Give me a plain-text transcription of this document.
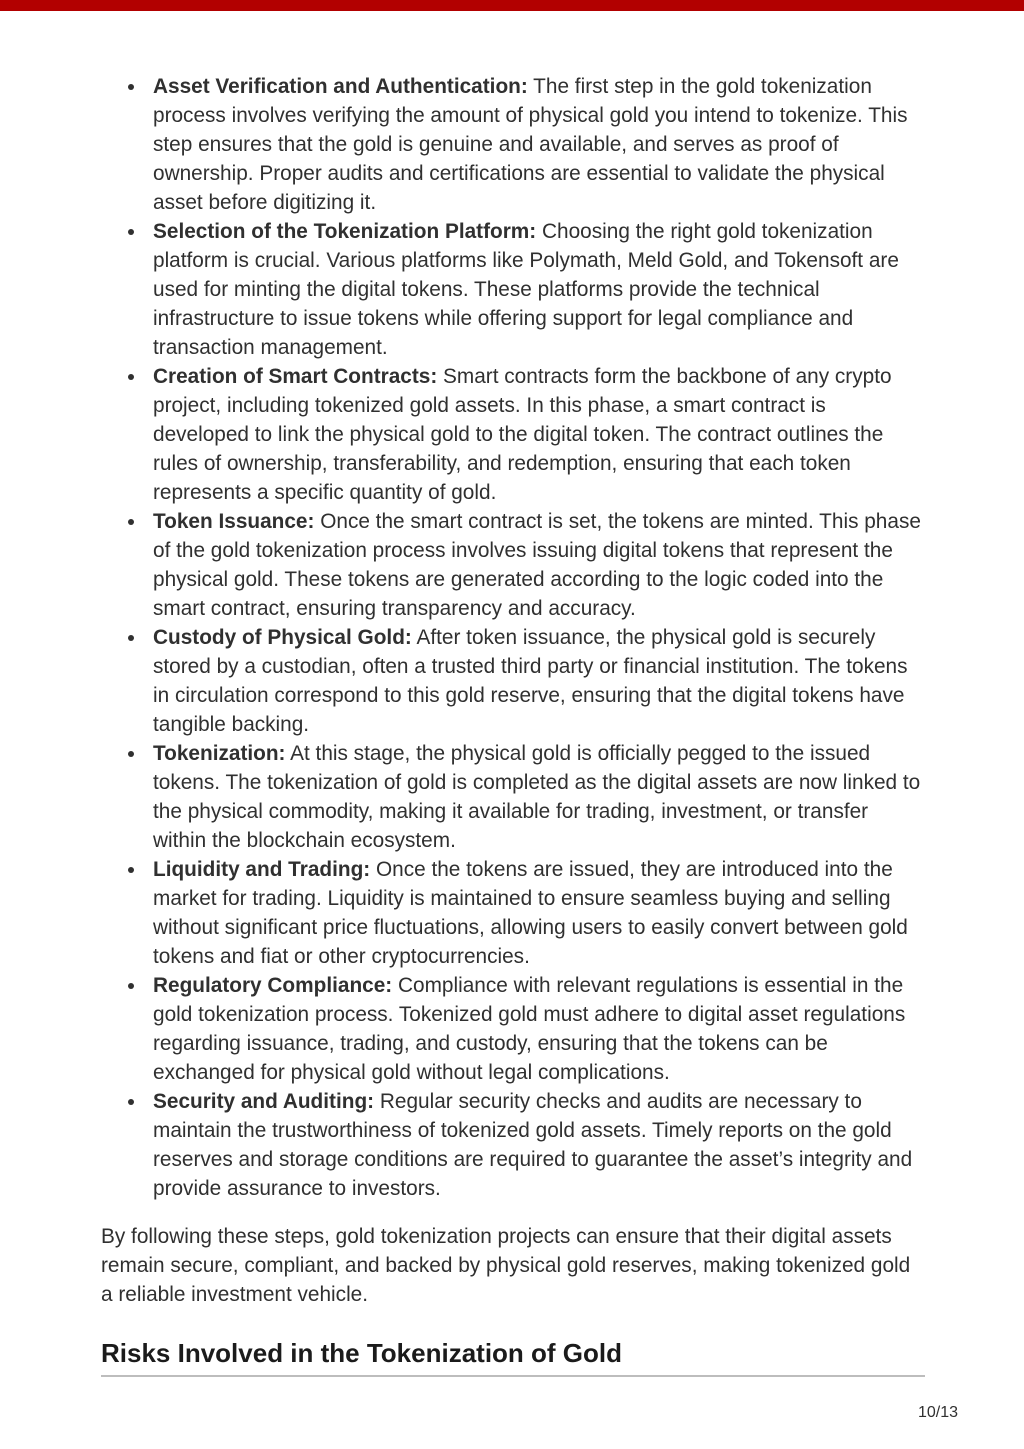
Asset Verification and Authentication: The first step in the gold tokenization process involves verifying the amount of physical gold you intend to tokenize. This step ensures that the gold is genuine and available, and serves as proof of ownership. Proper audits and certifications are essential to validate the physical asset before digitizing it.
Selection of the Tokenization Platform: Choosing the right gold tokenization platform is crucial. Various platforms like Polymath, Meld Gold, and Tokensoft are used for minting the digital tokens. These platforms provide the technical infrastructure to issue tokens while offering support for legal compliance and transaction management.
Creation of Smart Contracts: Smart contracts form the backbone of any crypto project, including tokenized gold assets. In this phase, a smart contract is developed to link the physical gold to the digital token. The contract outlines the rules of ownership, transferability, and redemption, ensuring that each token represents a specific quantity of gold.
Token Issuance: Once the smart contract is set, the tokens are minted. This phase of the gold tokenization process involves issuing digital tokens that represent the physical gold. These tokens are generated according to the logic coded into the smart contract, ensuring transparency and accuracy.
Custody of Physical Gold: After token issuance, the physical gold is securely stored by a custodian, often a trusted third party or financial institution. The tokens in circulation correspond to this gold reserve, ensuring that the digital tokens have tangible backing.
Tokenization: At this stage, the physical gold is officially pegged to the issued tokens. The tokenization of gold is completed as the digital assets are now linked to the physical commodity, making it available for trading, investment, or transfer within the blockchain ecosystem.
Liquidity and Trading: Once the tokens are issued, they are introduced into the market for trading. Liquidity is maintained to ensure seamless buying and selling without significant price fluctuations, allowing users to easily convert between gold tokens and fiat or other cryptocurrencies.
Regulatory Compliance: Compliance with relevant regulations is essential in the gold tokenization process. Tokenized gold must adhere to digital asset regulations regarding issuance, trading, and custody, ensuring that the tokens can be exchanged for physical gold without legal complications.
Security and Auditing: Regular security checks and audits are necessary to maintain the trustworthiness of tokenized gold assets. Timely reports on the gold reserves and storage conditions are required to guarantee the asset’s integrity and provide assurance to investors.

By following these steps, gold tokenization projects can ensure that their digital assets remain secure, compliant, and backed by physical gold reserves, making tokenized gold a reliable investment vehicle.

Risks Involved in the Tokenization of Gold
10/13
